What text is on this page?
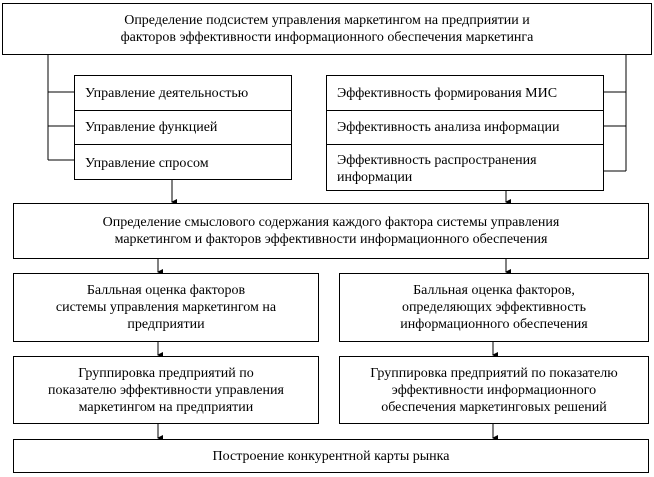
Определение подсистем управления маркетингом на предприятии и
факторов эффективности информационного обеспечения маркетинга
Управление деятельностью
Управление функцией
Управление спросом
Эффективность формирования МИС
Эффективность анализа информации
Эффективность распространения
информации
Определение смыслового содержания каждого фактора системы управления
маркетингом и факторов эффективности информационного обеспечения
Балльная оценка факторов
системы управления маркетингом на
предприятии
Балльная оценка факторов,
определяющих эффективность
информационного обеспечения
Группировка предприятий по
показателю эффективности управления
маркетингом на предприятии
Группировка предприятий по показателю
эффективности информационного
обеспечения маркетинговых решений
Построение конкурентной карты рынка
